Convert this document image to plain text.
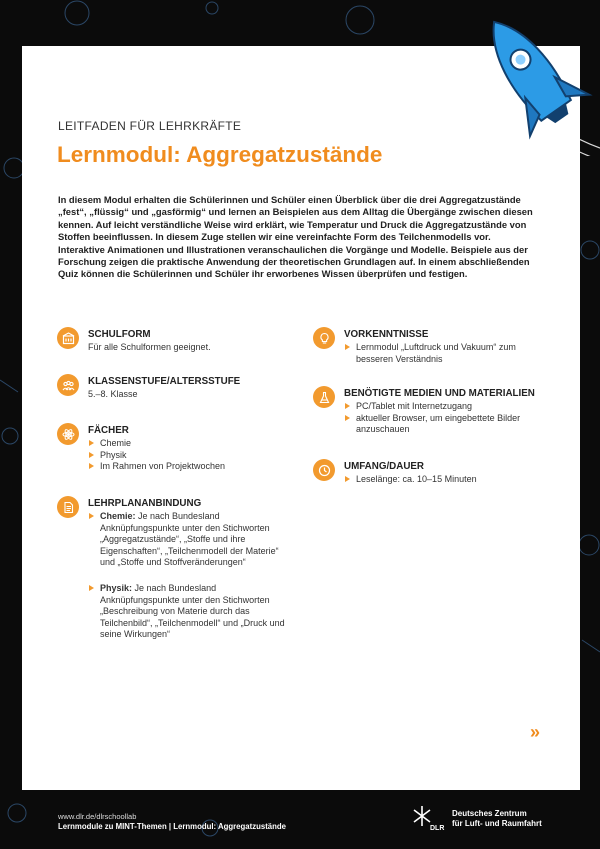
LEITFADEN FÜR LEHRKRÄFTE
Lernmodul: Aggregatzustände
In diesem Modul erhalten die Schülerinnen und Schüler einen Überblick über die drei Aggregatzustände „fest“, „flüssig“ und „gasförmig“ und lernen an Beispielen aus dem Alltag die Übergänge zwischen diesen kennen. Auf leicht verständliche Weise wird erklärt, wie Temperatur und Druck die Aggregatzustände von Stoffen beeinflussen. In diesem Zuge stellen wir eine vereinfachte Form des Teilchenmodells vor. Interaktive Animationen und Illustrationen veranschaulichen die Vorgänge und Modelle. Beispiele aus der Forschung zeigen die praktische Anwendung der theoretischen Grundlagen auf. In einem abschließenden Quiz können die Schülerinnen und Schüler ihr erworbenes Wissen überprüfen und festigen.
SCHULFORM
Für alle Schulformen geeignet.
KLASSENSTUFE/ALTERSSTUFE
5.–8. Klasse
FÄCHER
Chemie
Physik
Im Rahmen von Projektwochen
LEHRPLANANBINDUNG
Chemie: Je nach Bundesland Anknüpfungspunkte unter den Stichworten „Aggregatzustände“, „Stoffe und ihre Eigenschaften“, „Teilchenmodell der Materie“ und „Stoffe und Stoffveränderungen“
Physik: Je nach Bundesland Anknüpfungspunkte unter den Stichworten „Beschreibung von Materie durch das Teilchenbild“, „Teilchenmodell“ und „Druck und seine Wirkungen“
VORKENNTNISSE
Lernmodul „Luftdruck und Vakuum“ zum besseren Verständnis
BENÖTIGTE MEDIEN UND MATERIALIEN
PC/Tablet mit Internetzugang
aktueller Browser, um eingebettete Bilder anzuschauen
UMFANG/DAUER
Leselänge: ca. 10–15 Minuten
»
www.dlr.de/dlrschoollab
Lernmodule zu MINT-Themen | Lernmodul: Aggregatzustände	DLR
Deutsches Zentrum
für Luft- und Raumfahrt
